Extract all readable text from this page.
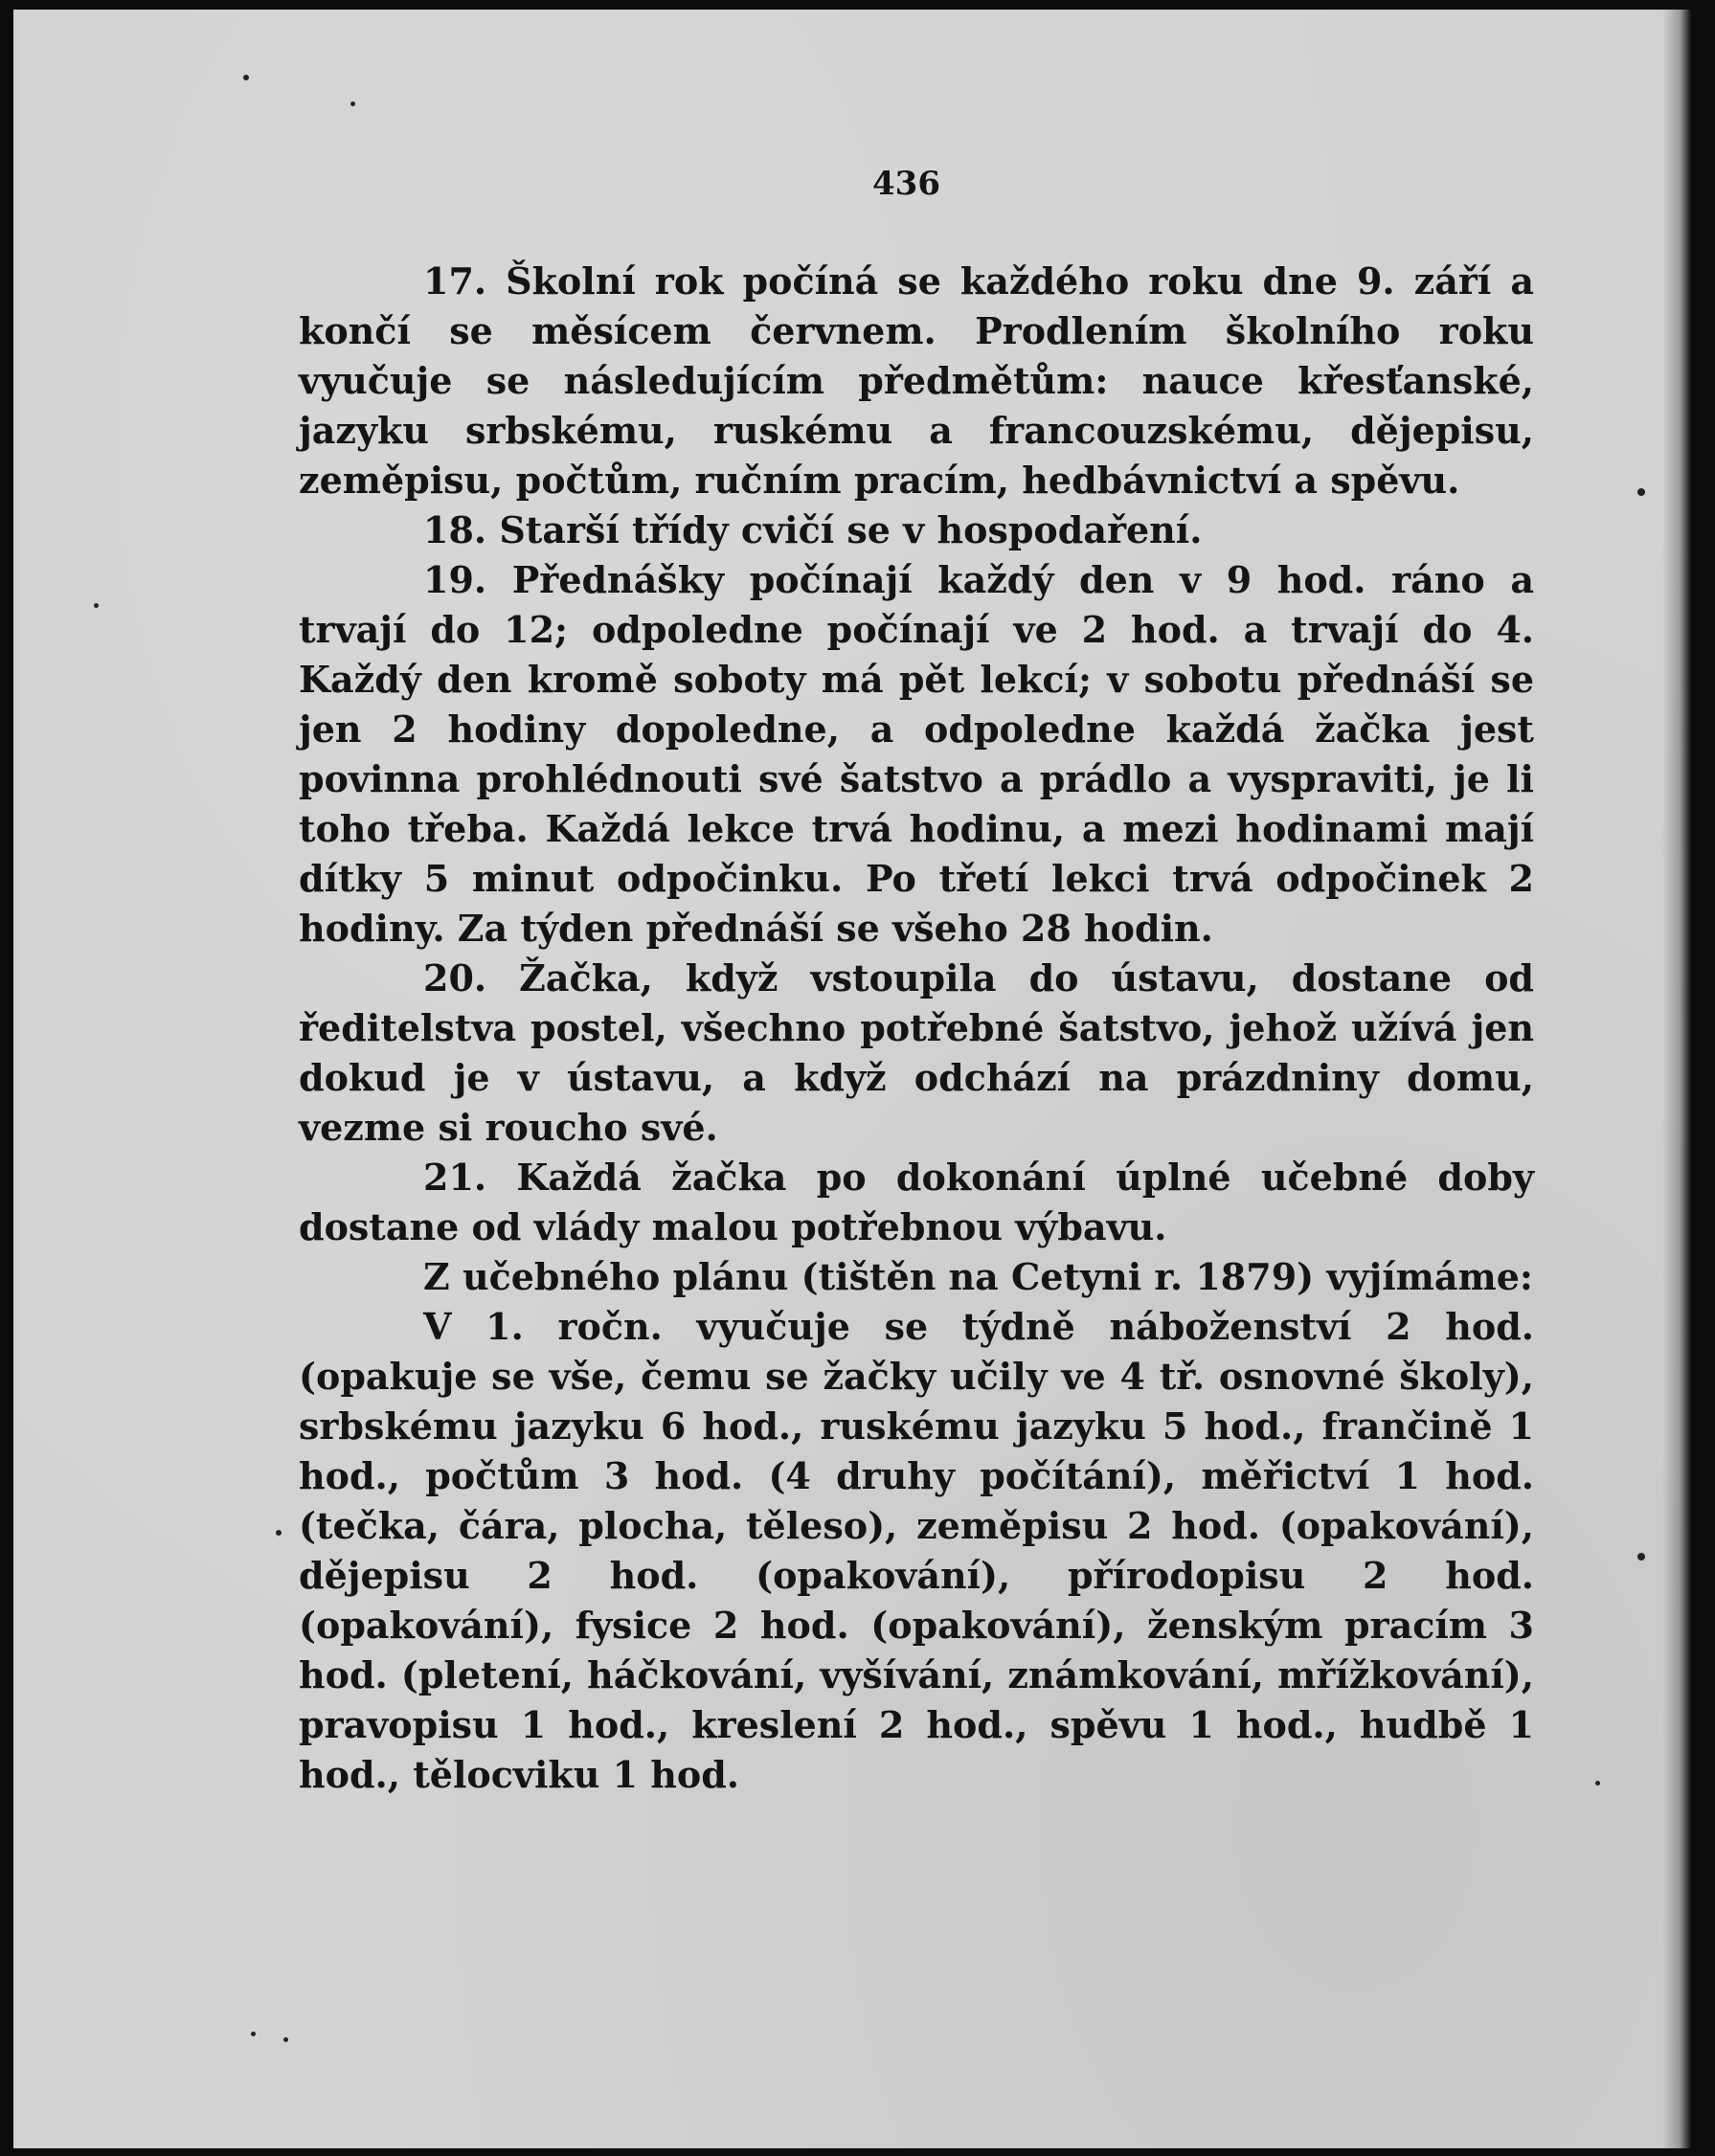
436

17. Školní rok počíná se každého roku dne 9. září a končí se měsícem červnem. Prodlením školního roku vyučuje se následujícím předmětům: nauce křesťanské, jazyku srbskému, ruskému a francouzskému, dějepisu, zeměpisu, počtům, ručním pracím, hedbávnictví a spěvu.

18. Starší třídy cvičí se v hospodaření.

19. Přednášky počínají každý den v 9 hod. ráno a trvají do 12; odpoledne počínají ve 2 hod. a trvají do 4. Každý den kromě soboty má pět lekcí; v sobotu přednáší se jen 2 hodiny dopoledne, a odpoledne každá žačka jest povinna prohlédnouti své šatstvo a prádlo a vyspraviti, je li toho třeba. Každá lekce trvá hodinu, a mezi hodinami mají dítky 5 minut odpočinku. Po třetí lekci trvá odpočinek 2 hodiny. Za týden přednáší se všeho 28 hodin.

20. Žačka, když vstoupila do ústavu, dostane od ředitelstva postel, všechno potřebné šatstvo, jehož užívá jen dokud je v ústavu, a když odchází na prázdniny domu, vezme si roucho své.

21. Každá žačka po dokonání úplné učebné doby dostane od vlády malou potřebnou výbavu.

Z učebného plánu (tištěn na Cetyni r. 1879) vyjímáme:

V 1. ročn. vyučuje se týdně náboženství 2 hod. (opakuje se vše, čemu se žačky učily ve 4 tř. osnovné školy), srbskému jazyku 6 hod., ruskému jazyku 5 hod., frančině 1 hod., počtům 3 hod. (4 druhy počítání), měřictví 1 hod. (tečka, čára, plocha, těleso), zeměpisu 2 hod. (opakování), dějepisu 2 hod. (opakování), přírodopisu 2 hod. (opakování), fysice 2 hod. (opakování), ženským pracím 3 hod. (pletení, háčkování, vyšívání, známkování, mřížkování), pravopisu 1 hod., kreslení 2 hod., spěvu 1 hod., hudbě 1 hod., tělocviku 1 hod.
